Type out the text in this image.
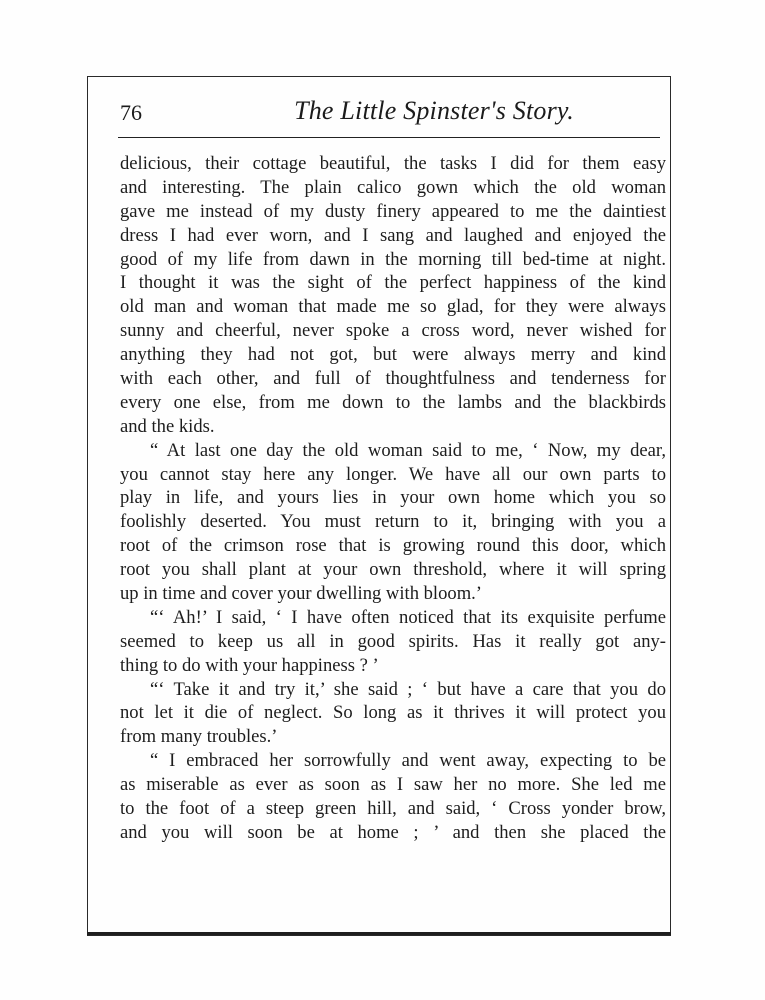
76	The Little Spinster's Story.
delicious, their cottage beautiful, the tasks I did for them easy
and interesting. The plain calico gown which the old woman
gave me instead of my dusty finery appeared to me the daintiest
dress I had ever worn, and I sang and laughed and enjoyed the
good of my life from dawn in the morning till bed-time at night.
I thought it was the sight of the perfect happiness of the kind
old man and woman that made me so glad, for they were always
sunny and cheerful, never spoke a cross word, never wished for
anything they had not got, but were always merry and kind
with each other, and full of thoughtfulness and tenderness for
every one else, from me down to the lambs and the blackbirds
and the kids.
“ At last one day the old woman said to me, ‘ Now, my dear,
you cannot stay here any longer. We have all our own parts to
play in life, and yours lies in your own home which you so
foolishly deserted. You must return to it, bringing with you a
root of the crimson rose that is growing round this door, which
root you shall plant at your own threshold, where it will spring
up in time and cover your dwelling with bloom.’
“‘ Ah!’ I said, ‘ I have often noticed that its exquisite perfume
seemed to keep us all in good spirits. Has it really got any-
thing to do with your happiness ? ’
“‘ Take it and try it,’ she said ; ‘ but have a care that you do
not let it die of neglect. So long as it thrives it will protect you
from many troubles.’
“ I embraced her sorrowfully and went away, expecting to be
as miserable as ever as soon as I saw her no more. She led me
to the foot of a steep green hill, and said, ‘ Cross yonder brow,
and you will soon be at home ; ’ and then she placed the
